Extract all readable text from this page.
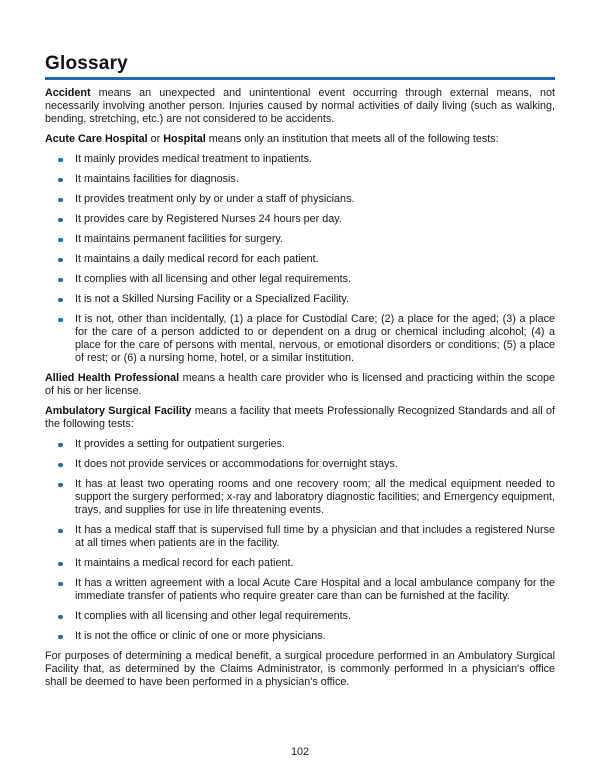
Glossary

Accident means an unexpected and unintentional event occurring through external means, not necessarily involving another person. Injuries caused by normal activities of daily living (such as walking, bending, stretching, etc.) are not considered to be accidents.

Acute Care Hospital or Hospital means only an institution that meets all of the following tests:

It mainly provides medical treatment to inpatients.
It maintains facilities for diagnosis.
It provides treatment only by or under a staff of physicians.
It provides care by Registered Nurses 24 hours per day.
It maintains permanent facilities for surgery.
It maintains a daily medical record for each patient.
It complies with all licensing and other legal requirements.
It is not a Skilled Nursing Facility or a Specialized Facility.
It is not, other than incidentally, (1) a place for Custodial Care; (2) a place for the aged; (3) a place for the care of a person addicted to or dependent on a drug or chemical including alcohol; (4) a place for the care of persons with mental, nervous, or emotional disorders or conditions; (5) a place of rest; or (6) a nursing home, hotel, or a similar institution.

Allied Health Professional means a health care provider who is licensed and practicing within the scope of his or her license.

Ambulatory Surgical Facility means a facility that meets Professionally Recognized Standards and all of the following tests:

It provides a setting for outpatient surgeries.
It does not provide services or accommodations for overnight stays.
It has at least two operating rooms and one recovery room; all the medical equipment needed to support the surgery performed; x-ray and laboratory diagnostic facilities; and Emergency equipment, trays, and supplies for use in life threatening events.
It has a medical staff that is supervised full time by a physician and that includes a registered Nurse at all times when patients are in the facility.
It maintains a medical record for each patient.
It has a written agreement with a local Acute Care Hospital and a local ambulance company for the immediate transfer of patients who require greater care than can be furnished at the facility.
It complies with all licensing and other legal requirements.
It is not the office or clinic of one or more physicians.

For purposes of determining a medical benefit, a surgical procedure performed in an Ambulatory Surgical Facility that, as determined by the Claims Administrator, is commonly performed in a physician's office shall be deemed to have been performed in a physician's office.

102
